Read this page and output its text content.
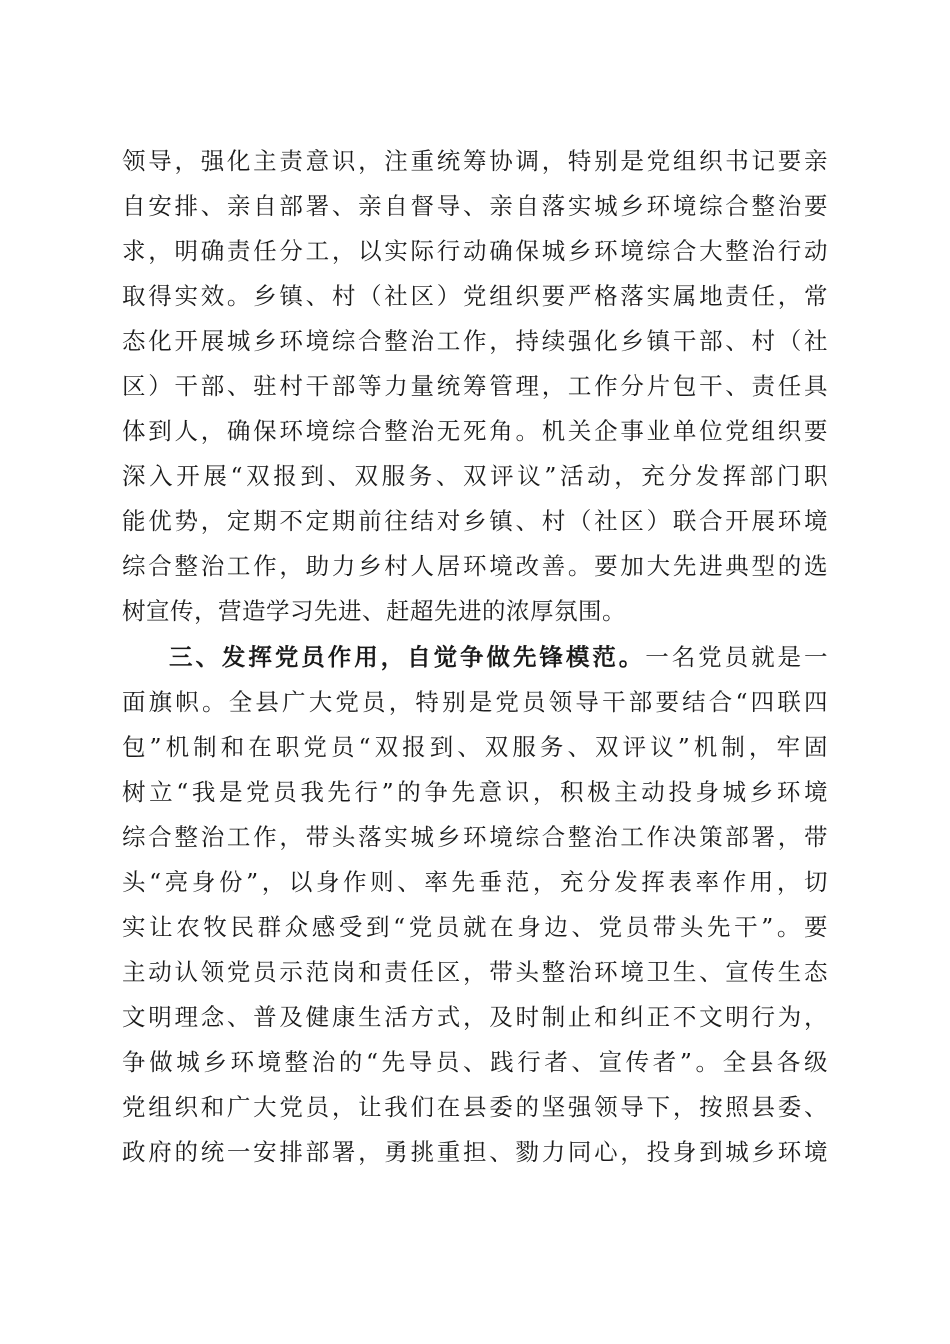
领导，强化主责意识，注重统筹协调，特别是党组织书记要亲
自安排、亲自部署、亲自督导、亲自落实城乡环境综合整治要
求，明确责任分工，以实际行动确保城乡环境综合大整治行动
取得实效。乡镇、村（社区）党组织要严格落实属地责任，常
态化开展城乡环境综合整治工作，持续强化乡镇干部、村（社
区）干部、驻村干部等力量统筹管理，工作分片包干、责任具
体到人，确保环境综合整治无死角。机关企事业单位党组织要
深入开展“双报到、双服务、双评议”活动，充分发挥部门职
能优势，定期不定期前往结对乡镇、村（社区）联合开展环境
综合整治工作，助力乡村人居环境改善。要加大先进典型的选
树宣传，营造学习先进、赶超先进的浓厚氛围。
三、发挥党员作用，自觉争做先锋模范。一名党员就是一
面旗帜。全县广大党员，特别是党员领导干部要结合“四联四
包”机制和在职党员“双报到、双服务、双评议”机制，牢固
树立“我是党员我先行”的争先意识，积极主动投身城乡环境
综合整治工作，带头落实城乡环境综合整治工作决策部署，带
头“亮身份”，以身作则、率先垂范，充分发挥表率作用，切
实让农牧民群众感受到“党员就在身边、党员带头先干”。要
主动认领党员示范岗和责任区，带头整治环境卫生、宣传生态
文明理念、普及健康生活方式，及时制止和纠正不文明行为，
争做城乡环境整治的“先导员、践行者、宣传者”。全县各级
党组织和广大党员，让我们在县委的坚强领导下，按照县委、
政府的统一安排部署，勇挑重担、勠力同心，投身到城乡环境
